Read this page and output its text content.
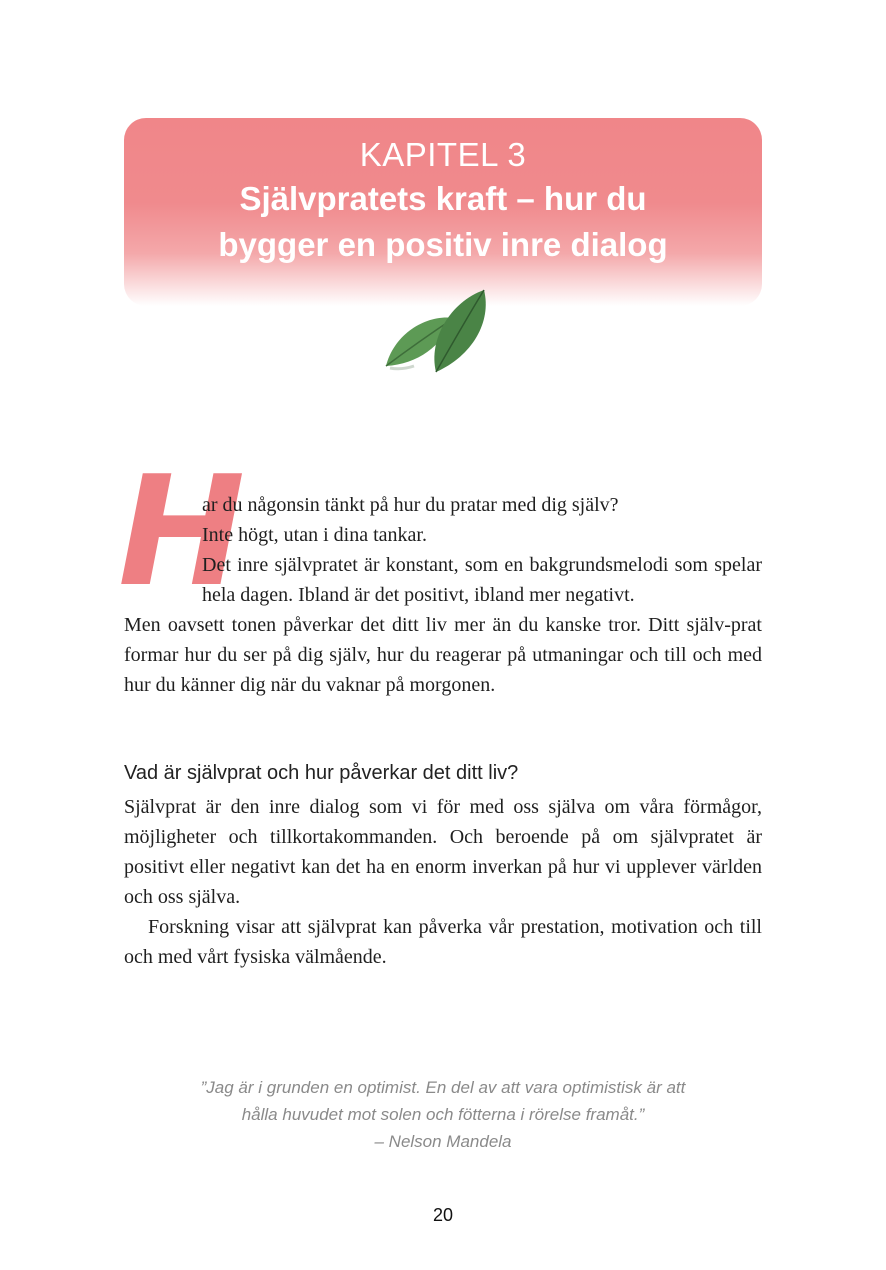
KAPITEL 3
Självpratets kraft – hur du
bygger en positiv inre dialog
H
ar du någonsin tänkt på hur du pratar med dig själv?
Inte högt, utan i dina tankar.
Det inre självpratet är konstant, som en bakgrundsmelodi som spelar hela dagen. Ibland är det positivt, ibland mer negativt.
Men oavsett tonen påverkar det ditt liv mer än du kanske tror. Ditt själv-prat formar hur du ser på dig själv, hur du reagerar på utmaningar och till och med hur du känner dig när du vaknar på morgonen.
Vad är självprat och hur påverkar det ditt liv?
Självprat är den inre dialog som vi för med oss själva om våra förmågor, möjligheter och tillkortakommanden. Och beroende på om självpratet är positivt eller negativt kan det ha en enorm inverkan på hur vi upplever världen och oss själva.
Forskning visar att självprat kan påverka vår prestation, motivation och till och med vårt fysiska välmående.
”Jag är i grunden en optimist. En del av att vara optimistisk är att
hålla huvudet mot solen och fötterna i rörelse framåt.”
– Nelson Mandela
20
